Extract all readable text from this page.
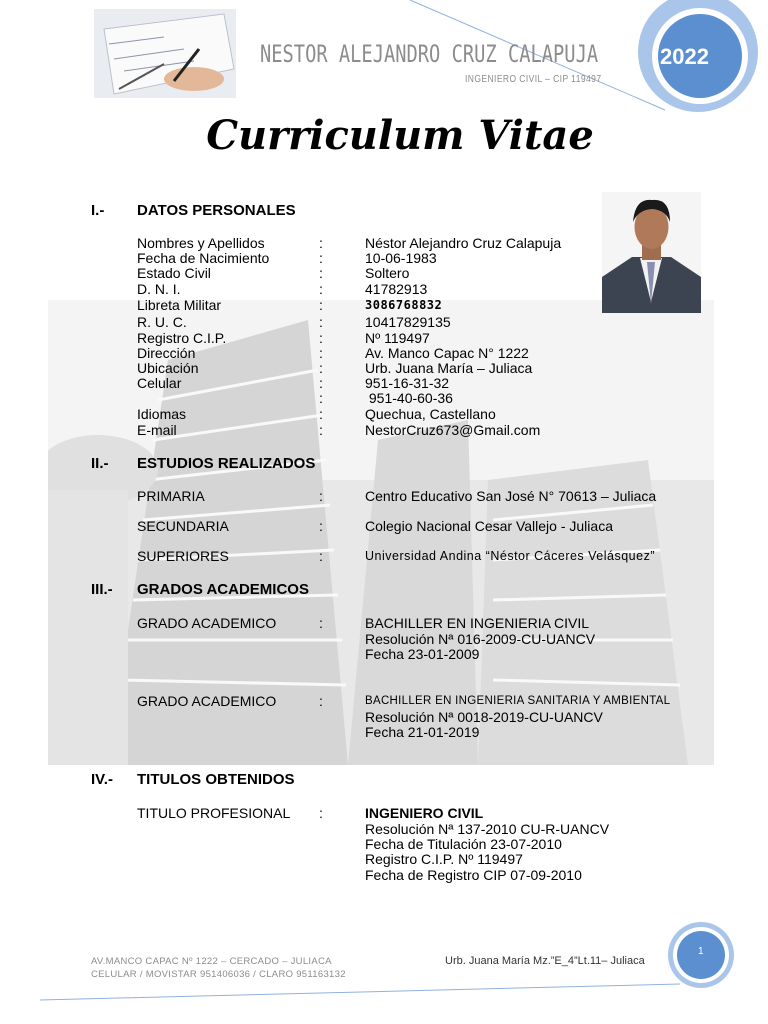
2022
NESTOR ALEJANDRO CRUZ CALAPUJA
INGENIERO CIVIL – CIP 119497
Curriculum Vitae
I.- DATOS PERSONALES
Nombres y Apellidos	:	Néstor Alejandro Cruz Calapuja
Fecha de Nacimiento	:	10-06-1983
Estado Civil	:	Soltero
D. N. I.	:	41782913
Libreta Militar	:	3086768832
R. U. C.	:	10417829135
Registro C.I.P.	:	Nº 119497
Dirección	:	Av. Manco Capac N° 1222
Ubicación	:	Urb. Juana María – Juliaca
Celular	:	951-16-31-32
:	951-40-60-36
Idiomas	:	Quechua, Castellano
E-mail	:	NestorCruz673@Gmail.com
II.- ESTUDIOS REALIZADOS
PRIMARIA	:	Centro Educativo San José N° 70613 – Juliaca
SECUNDARIA	:	Colegio Nacional Cesar Vallejo - Juliaca
SUPERIORES	:	Universidad Andina “Néstor Cáceres Velásquez”
III.- GRADOS ACADEMICOS
GRADO ACADEMICO	:	BACHILLER EN INGENIERIA CIVIL
Resolución Nª 016-2009-CU-UANCV
Fecha 23-01-2009
GRADO ACADEMICO	:	BACHILLER EN INGENIERIA SANITARIA Y AMBIENTAL
Resolución Nª 0018-2019-CU-UANCV
Fecha 21-01-2019
IV.- TITULOS OBTENIDOS
TITULO PROFESIONAL :	INGENIERO CIVIL
Resolución Nª 137-2010 CU-R-UANCV
Fecha de Titulación 23-07-2010
Registro C.I.P. Nº 119497
Fecha de Registro CIP 07-09-2010
AV.MANCO CAPAC Nº 1222 – CERCADO – JULIACA
CELULAR / MOVISTAR 951406036 / CLARO 951163132
Urb. Juana María Mz.”E_4”Lt.11– Juliaca
1
